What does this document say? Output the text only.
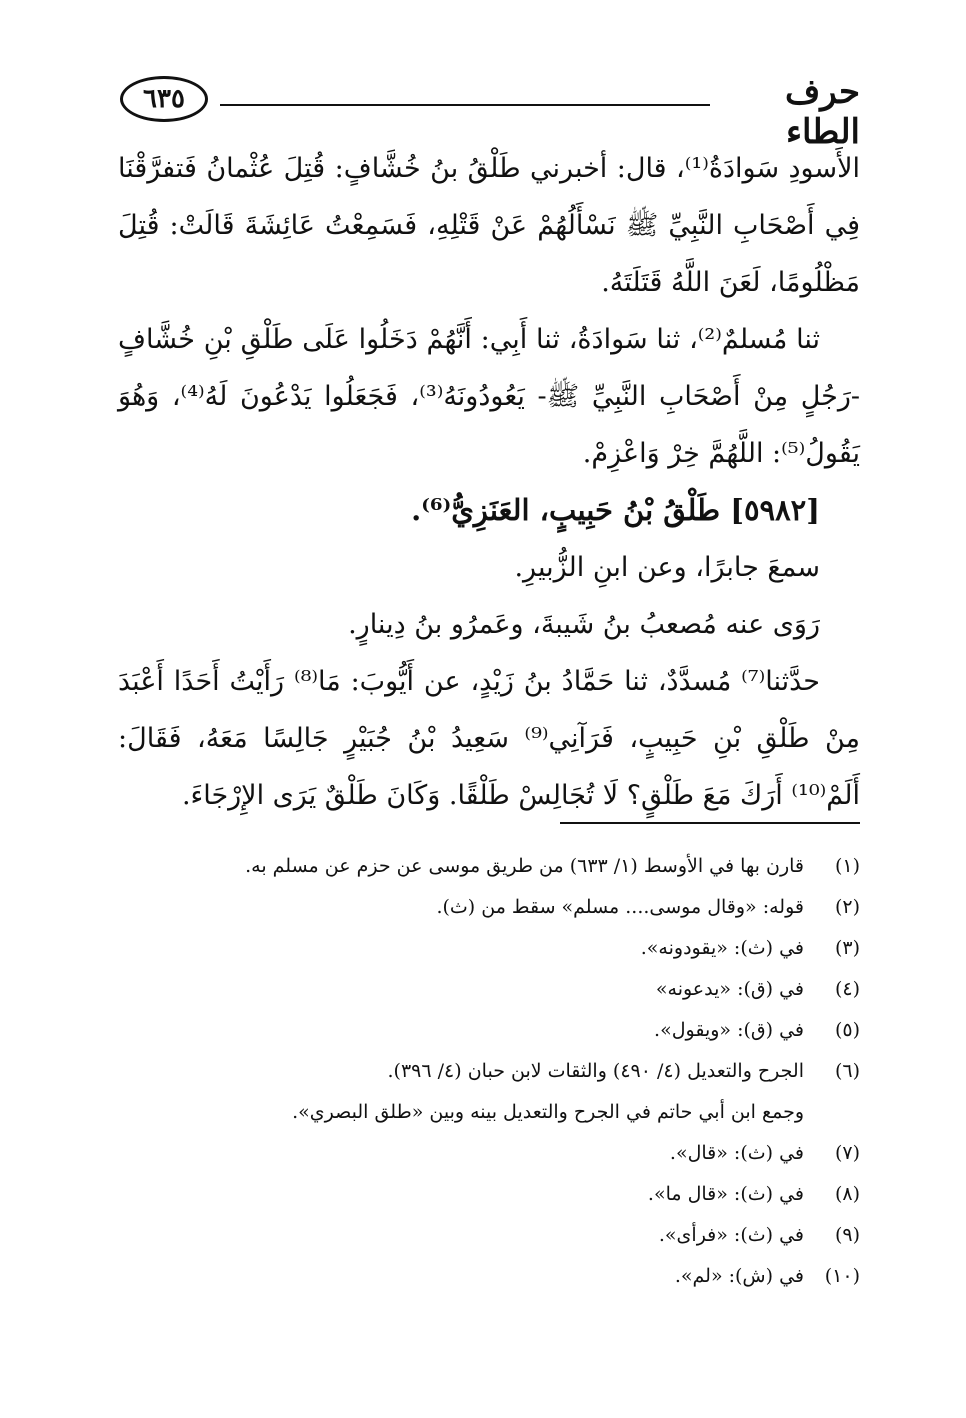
٦٣٥	حرف الطاء

الأَسودِ سَوادَةُ⁽¹⁾، قال: أخبرني طَلْقُ بنُ خُشَّافٍ: قُتِلَ عُثْمانُ فَتفرَّقْنَا فِي أَصْحَابِ النَّبِيِّ ﷺ نَسْأَلُهُمْ عَنْ قَتْلِهِ، فَسَمِعْتُ عَائِشَةَ قَالَتْ: قُتِلَ مَظْلُومًا، لَعَنَ اللَّهُ قَتَلَتَهُ.

ثنا مُسلمٌ⁽²⁾، ثنا سَوادَةُ، ثنا أَبِي: أَنَّهُمْ دَخَلُوا عَلَى طَلْقِ بْنِ خُشَّافٍ -رَجُلٍ مِنْ أَصْحَابِ النَّبِيِّ ﷺ- يَعُودُونَهُ⁽³⁾، فَجَعَلُوا يَدْعُونَ لَهُ⁽⁴⁾، وَهُوَ يَقُولُ⁽⁵⁾: اللَّهُمَّ خِرْ وَاعْزِمْ.

[٥٩٨٢] طَلْقُ بْنُ حَبِيبٍ، العَنَزِيُّ⁽⁶⁾.

سمعَ جابرًا، وعن ابنِ الزُّبيرِ.

رَوَى عنه مُصعبُ بنُ شَيبةَ، وعَمرُو بنُ دِينارٍ.

حدَّثنا⁽⁷⁾ مُسدَّدٌ، ثنا حَمَّادُ بنُ زَيْدٍ، عن أَيُّوبَ: مَا⁽⁸⁾ رَأَيْتُ أَحَدًا أَعْبَدَ مِنْ طَلْقِ بْنِ حَبِيبٍ، فَرَآنِي⁽⁹⁾ سَعِيدُ بْنُ جُبَيْرٍ جَالِسًا مَعَهُ، فَقَالَ: أَلَمْ⁽¹⁰⁾ أَرَكَ مَعَ طَلْقٍ؟ لَا تُجَالِسْ طَلْقًا. وَكَانَ طَلْقٌ يَرَى الإِرْجَاءَ.

(١)
قارن بها في الأوسط (١/ ٦٣٣) من طريق موسى عن حزم عن مسلم به.

(٢)
قوله: «وقال موسى.... مسلم» سقط من (ث).

(٣)
في (ث): «يقودونه».

(٤)
في (ق): «يدعونه»

(٥)
في (ق): «ويقول».

(٦)
الجرح والتعديل (٤/ ٤٩٠) والثقات لابن حبان (٤/ ٣٩٦).

وجمع ابن أبي حاتم في الجرح والتعديل بينه وبين «طلق البصري».

(٧)
في (ث): «قال».

(٨)
في (ث): «قال ما».

(٩)
في (ث): «فرأى».

(١٠)
في (ش): «لم».
